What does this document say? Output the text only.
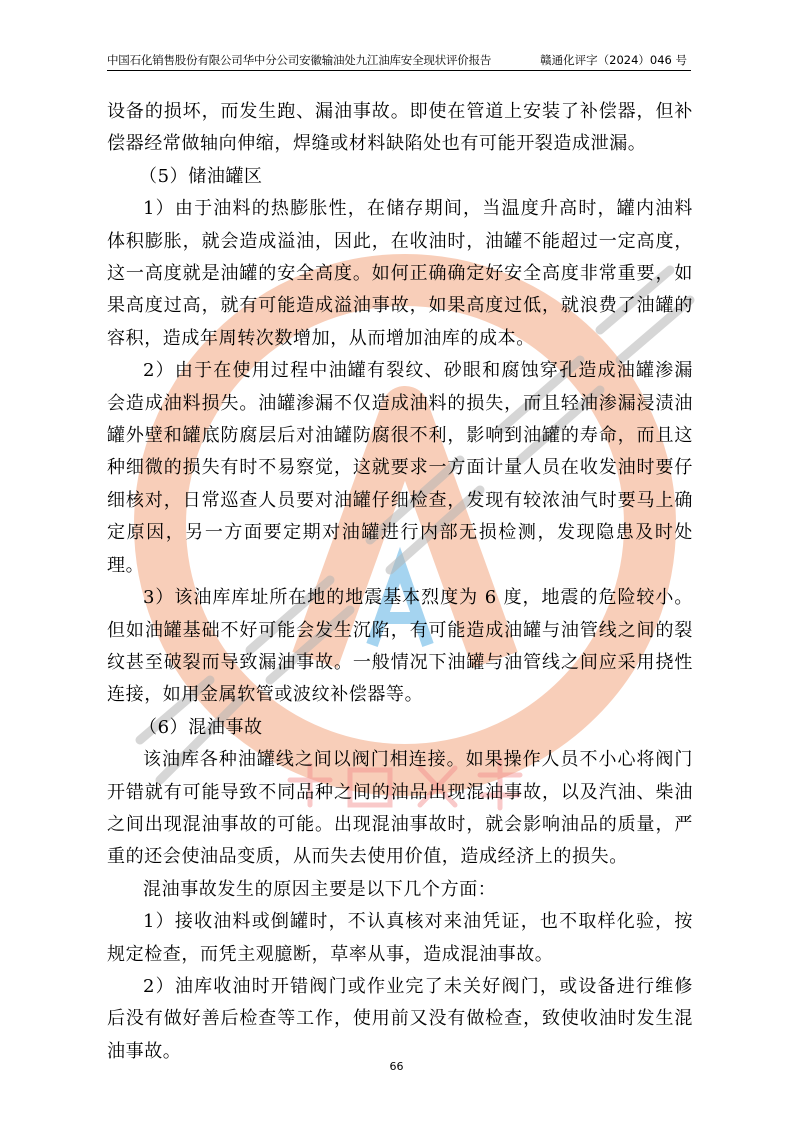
中国石化销售股份有限公司华中分公司安徽输油处九江油库安全现状评价报告	赣通化评字（2024）046 号

设备的损坏，而发生跑、漏油事故。即使在管道上安装了补偿器，但补偿器经常做轴向伸缩，焊缝或材料缺陷处也有可能开裂造成泄漏。

（5）储油罐区

1）由于油料的热膨胀性，在储存期间，当温度升高时，罐内油料体积膨胀，就会造成溢油，因此，在收油时，油罐不能超过一定高度，这一高度就是油罐的安全高度。如何正确确定好安全高度非常重要，如果高度过高，就有可能造成溢油事故，如果高度过低，就浪费了油罐的容积，造成年周转次数增加，从而增加油库的成本。

2）由于在使用过程中油罐有裂纹、砂眼和腐蚀穿孔造成油罐渗漏会造成油料损失。油罐渗漏不仅造成油料的损失，而且轻油渗漏浸渍油罐外壁和罐底防腐层后对油罐防腐很不利，影响到油罐的寿命，而且这种细微的损失有时不易察觉，这就要求一方面计量人员在收发油时要仔细核对，日常巡查人员要对油罐仔细检查，发现有较浓油气时要马上确定原因，另一方面要定期对油罐进行内部无损检测，发现隐患及时处理。

3）该油库库址所在地的地震基本烈度为 6 度，地震的危险较小。但如油罐基础不好可能会发生沉陷，有可能造成油罐与油管线之间的裂纹甚至破裂而导致漏油事故。一般情况下油罐与油管线之间应采用挠性连接，如用金属软管或波纹补偿器等。

（6）混油事故

该油库各种油罐线之间以阀门相连接。如果操作人员不小心将阀门开错就有可能导致不同品种之间的油品出现混油事故，以及汽油、柴油之间出现混油事故的可能。出现混油事故时，就会影响油品的质量，严重的还会使油品变质，从而失去使用价值，造成经济上的损失。

混油事故发生的原因主要是以下几个方面：

1）接收油料或倒罐时，不认真核对来油凭证，也不取样化验，按规定检查，而凭主观臆断，草率从事，造成混油事故。

2）油库收油时开错阀门或作业完了未关好阀门，或设备进行维修后没有做好善后检查等工作，使用前又没有做检查，致使收油时发生混油事故。

66
